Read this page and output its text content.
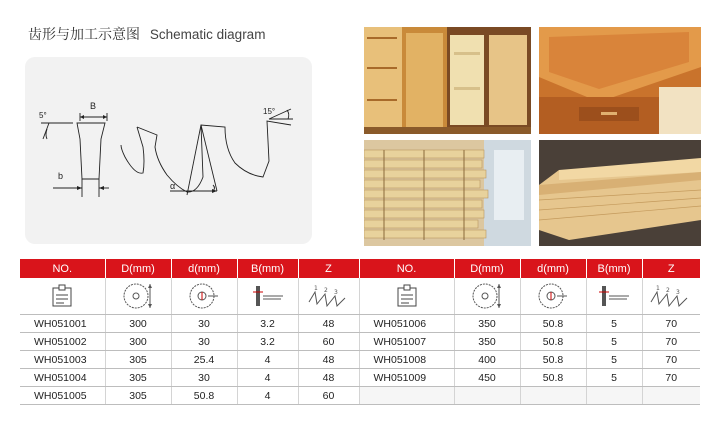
齿形与加工示意图 Schematic diagram
5°
B
b
15°
α
NO.	D(mm)	d(mm)	B(mm)	Z	NO.	D(mm)	d(mm)	B(mm)	Z

1 2 3					1 2 3

WH051001	300	30	3.2	48	WH051006	350	50.8	5	70
WH051002	300	30	3.2	60	WH051007	350	50.8	5	70
WH051003	305	25.4	4	48	WH051008	400	50.8	5	70
WH051004	305	30	4	48	WH051009	450	50.8	5	70
WH051005	305	50.8	4	60					
